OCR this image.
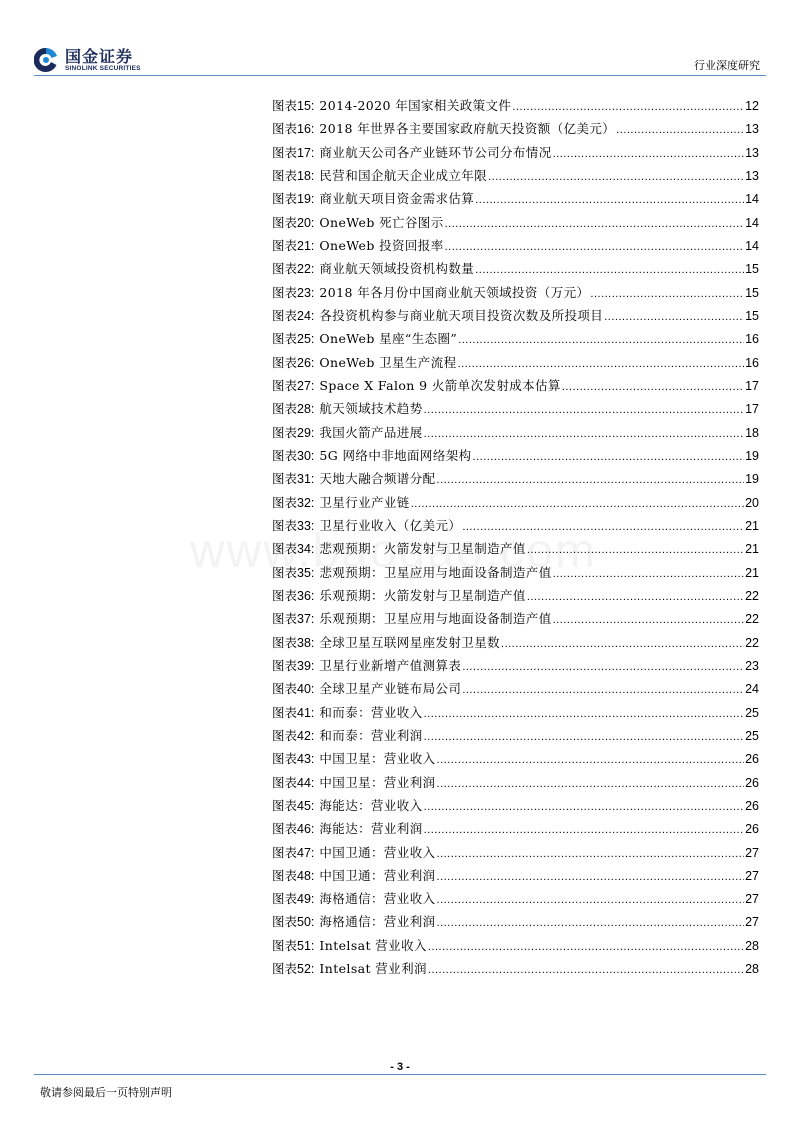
国金证券
SINOLINK SECURITIES	行业深度研究
图表 15 : 2014-2020 年国家相关政策文件 .....	12
图表 16 : 2018 年世界各主要国家政府航天投资额（亿美元） .....	13
图表 17 : 商业航天公司各产业链环节公司分布情况 .....	13
图表 18 : 民营和国企航天企业成立年限 .....	13
图表 19 : 商业航天项目资金需求估算 .....	14
图表 20 : OneWeb 死亡谷图示 .....	14
图表 21 : OneWeb 投资回报率 .....	14
图表 22 : 商业航天领域投资机构数量 .....	15
图表 23 : 2018 年各月份中国商业航天领域投资（万元） .....	15
图表 24 : 各投资机构参与商业航天项目投资次数及所投项目 .....	15
图表 25 : OneWeb 星座“生态圈” .....	16
图表 26 : OneWeb 卫星生产流程 .....	16
图表 27 : Space X Falon 9 火箭单次发射成本估算 .....	17
图表 28 : 航天领域技术趋势 .....	17
图表 29 : 我国火箭产品进展 .....	18
图表 30 : 5G 网络中非地面网络架构 .....	19
图表 31 : 天地大融合频谱分配 .....	19
图表 32 : 卫星行业产业链 .....	20
图表 33 : 卫星行业收入（亿美元） .....	21
图表 34 : 悲观预期：火箭发射与卫星制造产值 .....	21
图表 35 : 悲观预期：卫星应用与地面设备制造产值 .....	21
图表 36 : 乐观预期：火箭发射与卫星制造产值 .....	22
图表 37 : 乐观预期：卫星应用与地面设备制造产值 .....	22
图表 38 : 全球卫星互联网星座发射卫星数 .....	22
图表 39 : 卫星行业新增产值测算表 .....	23
图表 40 : 全球卫星产业链布局公司 .....	24
图表 41 : 和而泰：营业收入 .....	25
图表 42 : 和而泰：营业利润 .....	25
图表 43 : 中国卫星：营业收入 .....	26
图表 44 : 中国卫星：营业利润 .....	26
图表 45 : 海能达：营业收入 .....	26
图表 46 : 海能达：营业利润 .....	26
图表 47 : 中国卫通：营业收入 .....	27
图表 48 : 中国卫通：营业利润 .....	27
图表 49 : 海格通信：营业收入 .....	27
图表 50 : 海格通信：营业利润 .....	27
图表 51 : Intelsat 营业收入 .....	28
图表 52 : Intelsat 营业利润 .....	28
- 3 -
敬请参阅最后一页特别声明
